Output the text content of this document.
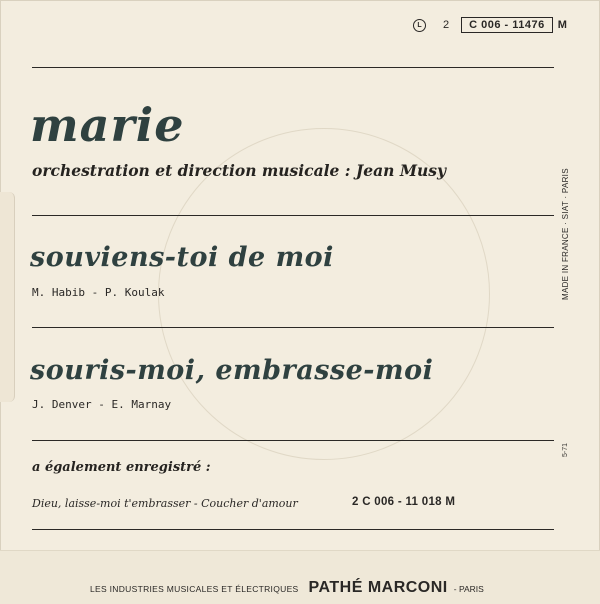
L	2	C 006 - 11476	M
marie
orchestration et direction musicale : Jean Musy
souviens-toi de moi
M. Habib - P. Koulak
souris-moi, embrasse-moi
J. Denver - E. Marnay
a également enregistré :
Dieu, laisse-moi t'embrasser - Coucher d'amour	2 C 006 - 11 018 M
MADE IN FRANCE · SIAT · PARIS
5-71
LES INDUSTRIES MUSICALES ET ÉLECTRIQUES PATHÉ MARCONI - PARIS
